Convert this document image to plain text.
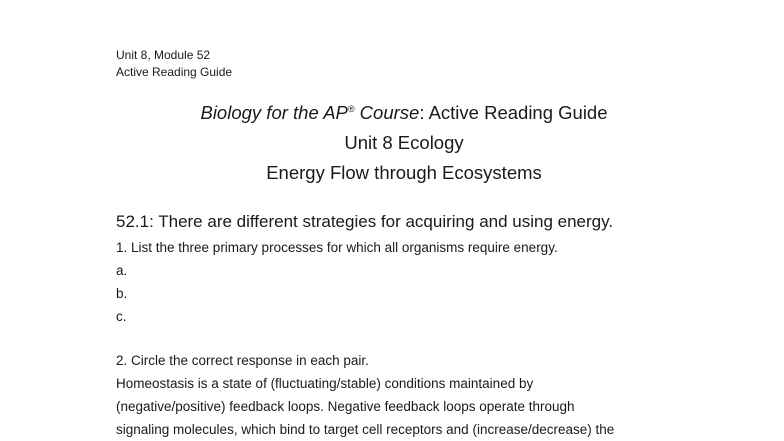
Unit 8, Module 52
Active Reading Guide
Biology for the AP® Course: Active Reading Guide
Unit 8 Ecology
Energy Flow through Ecosystems
52.1: There are different strategies for acquiring and using energy.
1. List the three primary processes for which all organisms require energy.
a.
b.
c.
2. Circle the correct response in each pair.
Homeostasis is a state of (fluctuating/stable) conditions maintained by
(negative/positive) feedback loops. Negative feedback loops operate through
signaling molecules, which bind to target cell receptors and (increase/decrease) the
